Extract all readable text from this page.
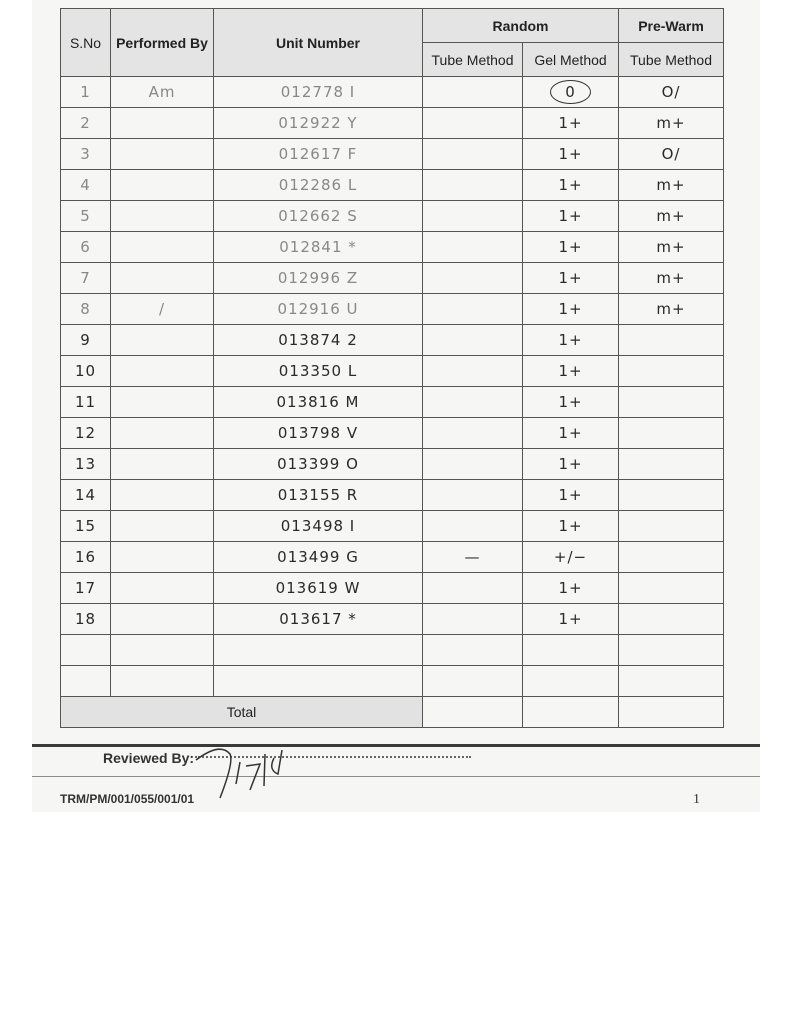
S.No	Performed By	Unit Number	Random		Pre-Warm
			Tube Method	Gel Method	Tube Method
1	Am	012778 I		0	O/
2		012922 Y		1+	m+
3		012617 F		1+	O/
4		012286 L		1+	m+
5		012662 S		1+	m+
6		012841 *		1+	m+
7		012996 Z		1+	m+
8	/	012916 U		1+	m+
9		013874 2		1+	
10		013350 L		1+	
11		013816 M		1+	
12		013798 V		1+	
13		013399 O		1+	
14		013155 R		1+	
15		013498 I		1+	
16		013499 G	—	+/−	
17		013619 W		1+	
18		013617 *		1+	

Total					
Reviewed By:
TRM/PM/001/055/001/01	1
